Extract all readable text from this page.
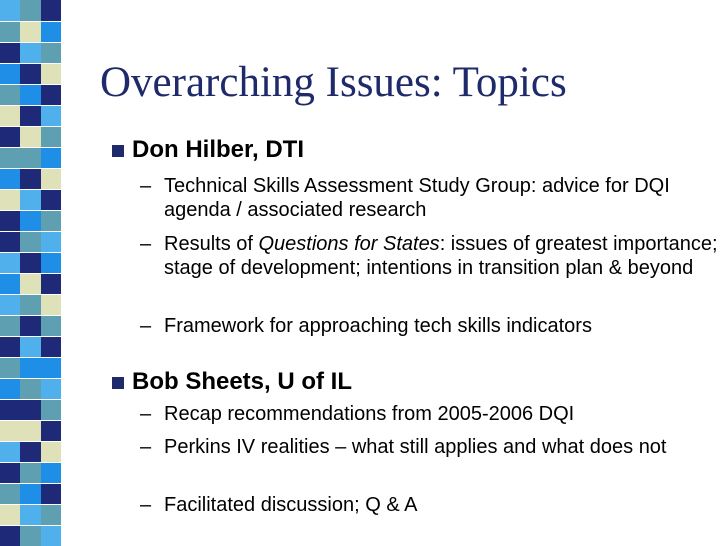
Overarching Issues: Topics
Don Hilber, DTI
– Technical Skills Assessment Study Group: advice for DQI agenda / associated research
– Results of Questions for States: issues of greatest importance; stage of development; intentions in transition plan & beyond
– Framework for approaching tech skills indicators
Bob Sheets, U of IL
– Recap recommendations from 2005-2006 DQI
– Perkins IV realities – what still applies and what does not
– Facilitated discussion; Q & A
